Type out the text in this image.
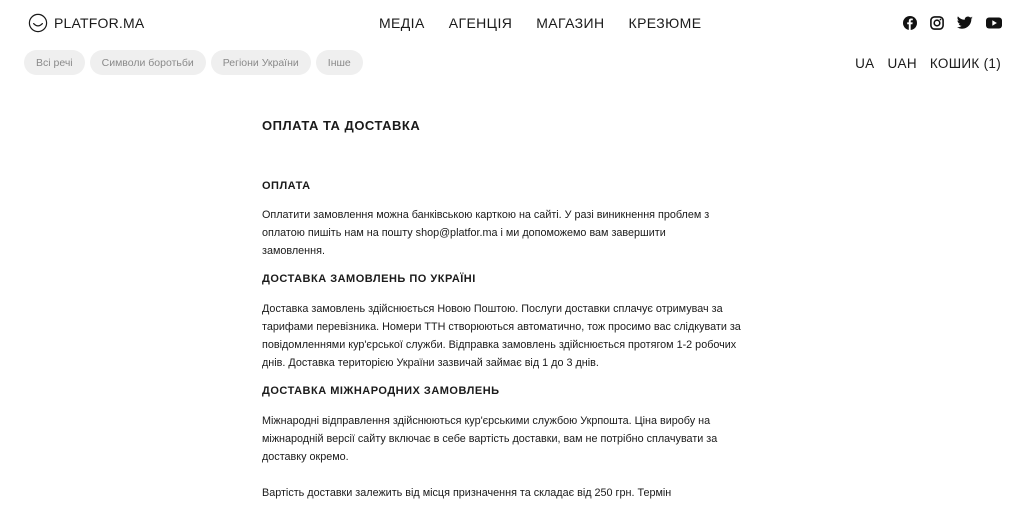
PLATFOR.MA	МЕДІА АГЕНЦІЯ МАГАЗИН КРЕЗЮМЕ
Всі речі	Символи боротьби	Регіони України	Інше	UA UAH КОШИК (1)
ОПЛАТА ТА ДОСТАВКА
ОПЛАТА

Оплатити замовлення можна банківською карткою на сайті. У разі виникнення проблем з оплатою пишіть нам на пошту shop@platfor.ma і ми допоможемо вам завершити замовлення.

ДОСТАВКА ЗАМОВЛЕНЬ ПО УКРАЇНІ

Доставка замовлень здійснюється Новою Поштою. Послуги доставки сплачує отримувач за тарифами перевізника. Номери ТТН створюються автоматично, тож просимо вас слідкувати за повідомленнями кур'єрської служби. Відправка замовлень здійснюється протягом 1-2 робочих днів. Доставка територією України зазвичай займає від 1 до 3 днів.

ДОСТАВКА МІЖНАРОДНИХ ЗАМОВЛЕНЬ

Міжнародні відправлення здійснюються кур'єрськими службою Укрпошта. Ціна виробу на міжнародній версії сайту включає в себе вартість доставки, вам не потрібно сплачувати за доставку окремо.

Вартість доставки залежить від місця призначення та складає від 250 грн. Термін
